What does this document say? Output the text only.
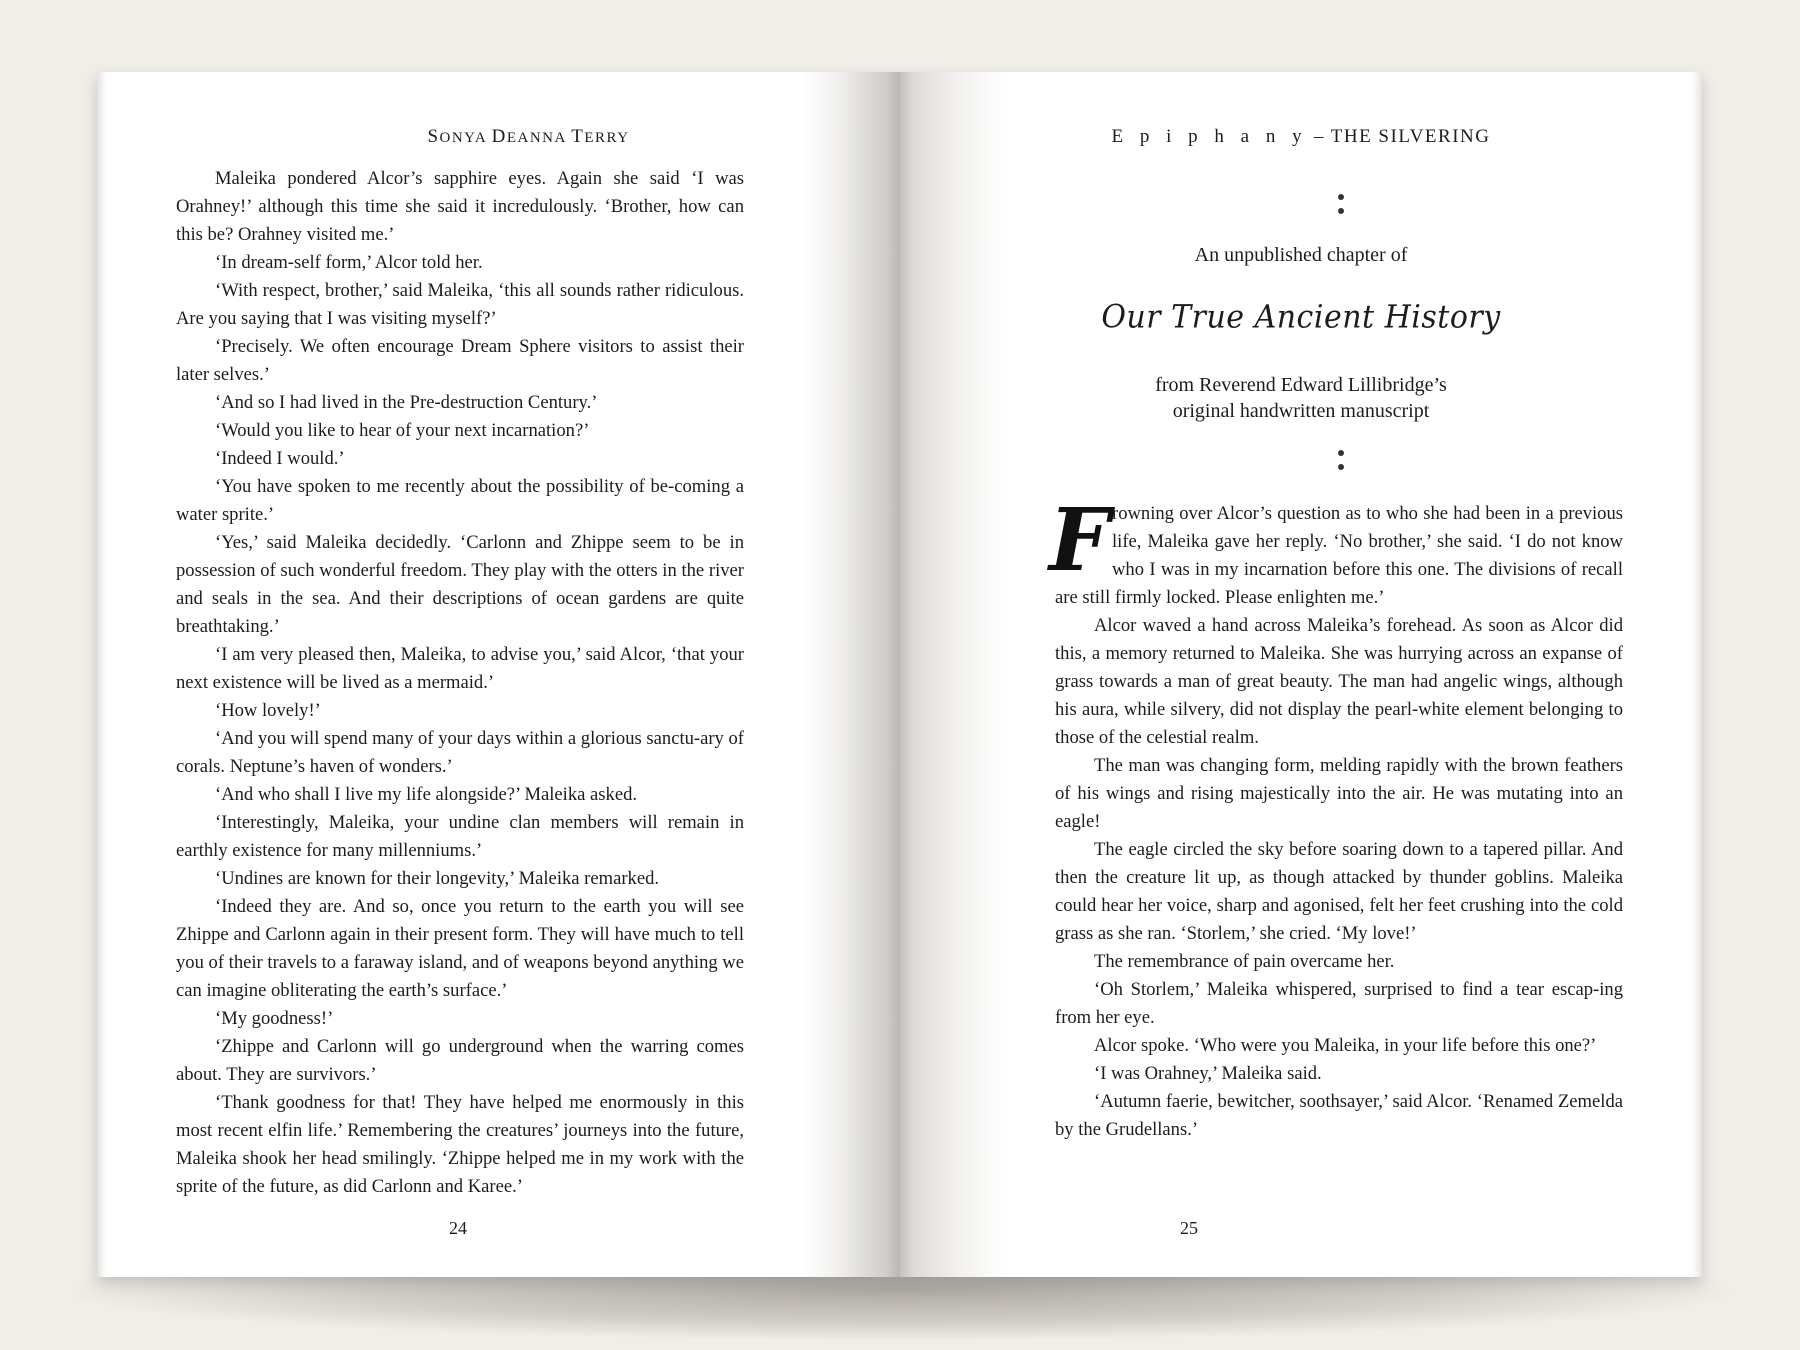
SONYA DEANNA TERRY

Maleika pondered Alcor’s sapphire eyes. Again she said ‘I was Orahney!’ although this time she said it incredulously. ‘Brother, how can this be? Orahney visited me.’

‘In dream-self form,’ Alcor told her.

‘With respect, brother,’ said Maleika, ‘this all sounds rather ridiculous. Are you saying that I was visiting myself?’

‘Precisely. We often encourage Dream Sphere visitors to assist their later selves.’

‘And so I had lived in the Pre-destruction Century.’

‘Would you like to hear of your next incarnation?’

‘Indeed I would.’

‘You have spoken to me recently about the possibility of be-coming a water sprite.’

‘Yes,’ said Maleika decidedly. ‘Carlonn and Zhippe seem to be in possession of such wonderful freedom. They play with the otters in the river and seals in the sea. And their descriptions of ocean gardens are quite breathtaking.’

‘I am very pleased then, Maleika, to advise you,’ said Alcor, ‘that your next existence will be lived as a mermaid.’

‘How lovely!’

‘And you will spend many of your days within a glorious sanctu-ary of corals. Neptune’s haven of wonders.’

‘And who shall I live my life alongside?’ Maleika asked.

‘Interestingly, Maleika, your undine clan members will remain in earthly existence for many millenniums.’

‘Undines are known for their longevity,’ Maleika remarked.

‘Indeed they are. And so, once you return to the earth you will see Zhippe and Carlonn again in their present form. They will have much to tell you of their travels to a faraway island, and of weapons beyond anything we can imagine obliterating the earth’s surface.’

‘My goodness!’

‘Zhippe and Carlonn will go underground when the warring comes about. They are survivors.’

‘Thank goodness for that! They have helped me enormously in this most recent elfin life.’ Remembering the creatures’ journeys into the future, Maleika shook her head smilingly. ‘Zhippe helped me in my work with the sprite of the future, as did Carlonn and Karee.’

24
E p i p h a n y – THE SILVERING
An unpublished chapter of
Our True Ancient History
from Reverend Edward Lillibridge’s
original handwritten manuscript
F rowning over Alcor’s question as to who she had been in a previous life, Maleika gave her reply. ‘No brother,’ she said. ‘I do not know who I was in my incarnation before this one. The divisions of recall are still firmly locked. Please enlighten me.’

Alcor waved a hand across Maleika’s forehead. As soon as Alcor did this, a memory returned to Maleika. She was hurrying across an expanse of grass towards a man of great beauty. The man had angelic wings, although his aura, while silvery, did not display the pearl-white element belonging to those of the celestial realm.

The man was changing form, melding rapidly with the brown feathers of his wings and rising majestically into the air. He was mutating into an eagle!

The eagle circled the sky before soaring down to a tapered pillar. And then the creature lit up, as though attacked by thunder goblins. Maleika could hear her voice, sharp and agonised, felt her feet crushing into the cold grass as she ran. ‘Storlem,’ she cried. ‘My love!’

The remembrance of pain overcame her.

‘Oh Storlem,’ Maleika whispered, surprised to find a tear escap-ing from her eye.

Alcor spoke. ‘Who were you Maleika, in your life before this one?’

‘I was Orahney,’ Maleika said.

‘Autumn faerie, bewitcher, soothsayer,’ said Alcor. ‘Renamed Zemelda by the Grudellans.’

25
